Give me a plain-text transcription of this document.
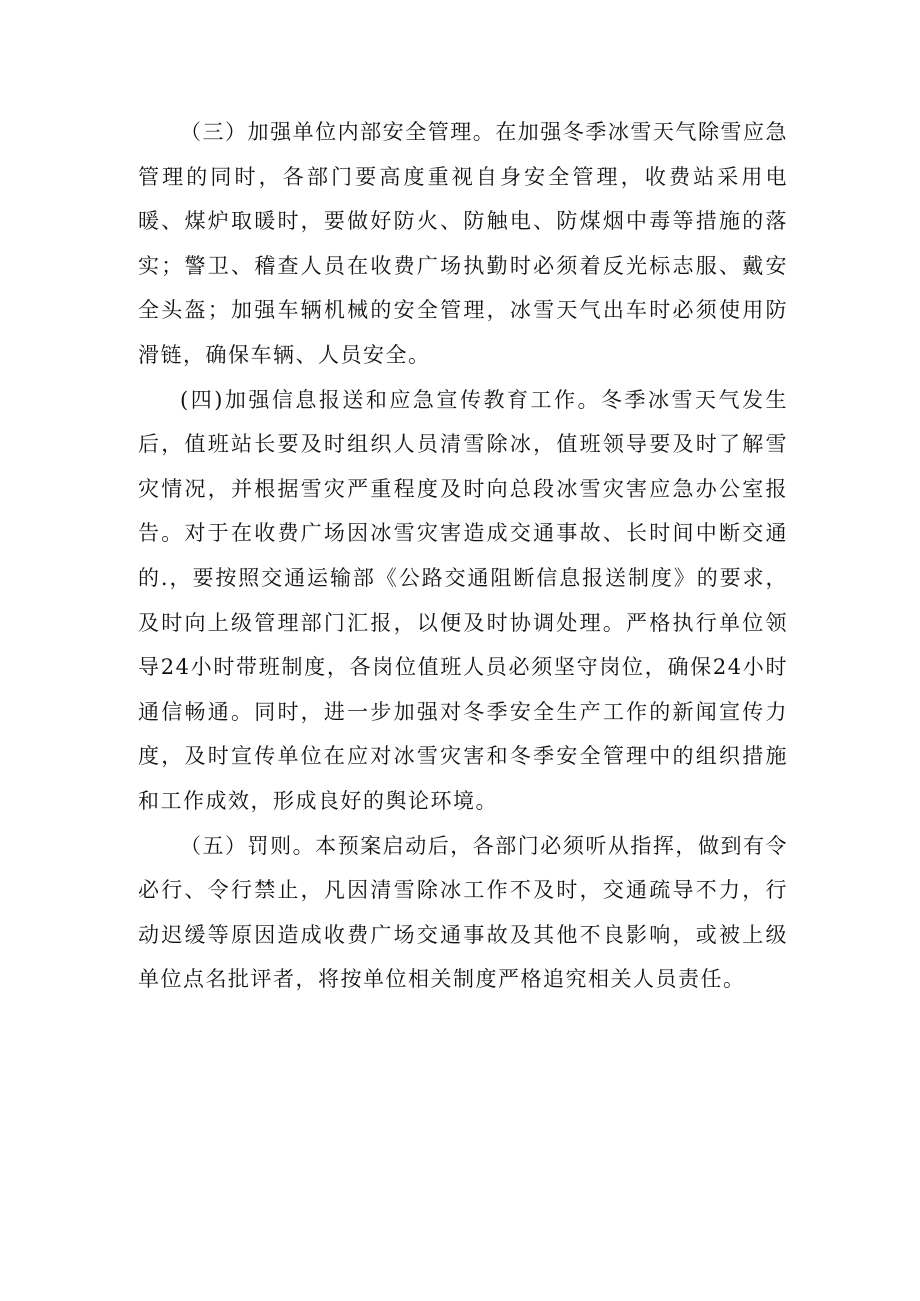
（三）加强单位内部安全管理。在加强冬季冰雪天气除雪应急管理的同时，各部门要高度重视自身安全管理，收费站采用电暖、煤炉取暖时，要做好防火、防触电、防煤烟中毒等措施的落实；警卫、稽查人员在收费广场执勤时必须着反光标志服、戴安全头盔；加强车辆机械的安全管理，冰雪天气出车时必须使用防滑链，确保车辆、人员安全。

(四)加强信息报送和应急宣传教育工作。冬季冰雪天气发生后，值班站长要及时组织人员清雪除冰，值班领导要及时了解雪灾情况，并根据雪灾严重程度及时向总段冰雪灾害应急办公室报告。对于在收费广场因冰雪灾害造成交通事故、长时间中断交通的.，要按照交通运输部《公路交通阻断信息报送制度》的要求，及时向上级管理部门汇报，以便及时协调处理。严格执行单位领导24小时带班制度，各岗位值班人员必须坚守岗位，确保24小时通信畅通。同时，进一步加强对冬季安全生产工作的新闻宣传力度，及时宣传单位在应对冰雪灾害和冬季安全管理中的组织措施和工作成效，形成良好的舆论环境。

（五）罚则。本预案启动后，各部门必须听从指挥，做到有令必行、令行禁止，凡因清雪除冰工作不及时，交通疏导不力，行动迟缓等原因造成收费广场交通事故及其他不良影响，或被上级单位点名批评者，将按单位相关制度严格追究相关人员责任。
